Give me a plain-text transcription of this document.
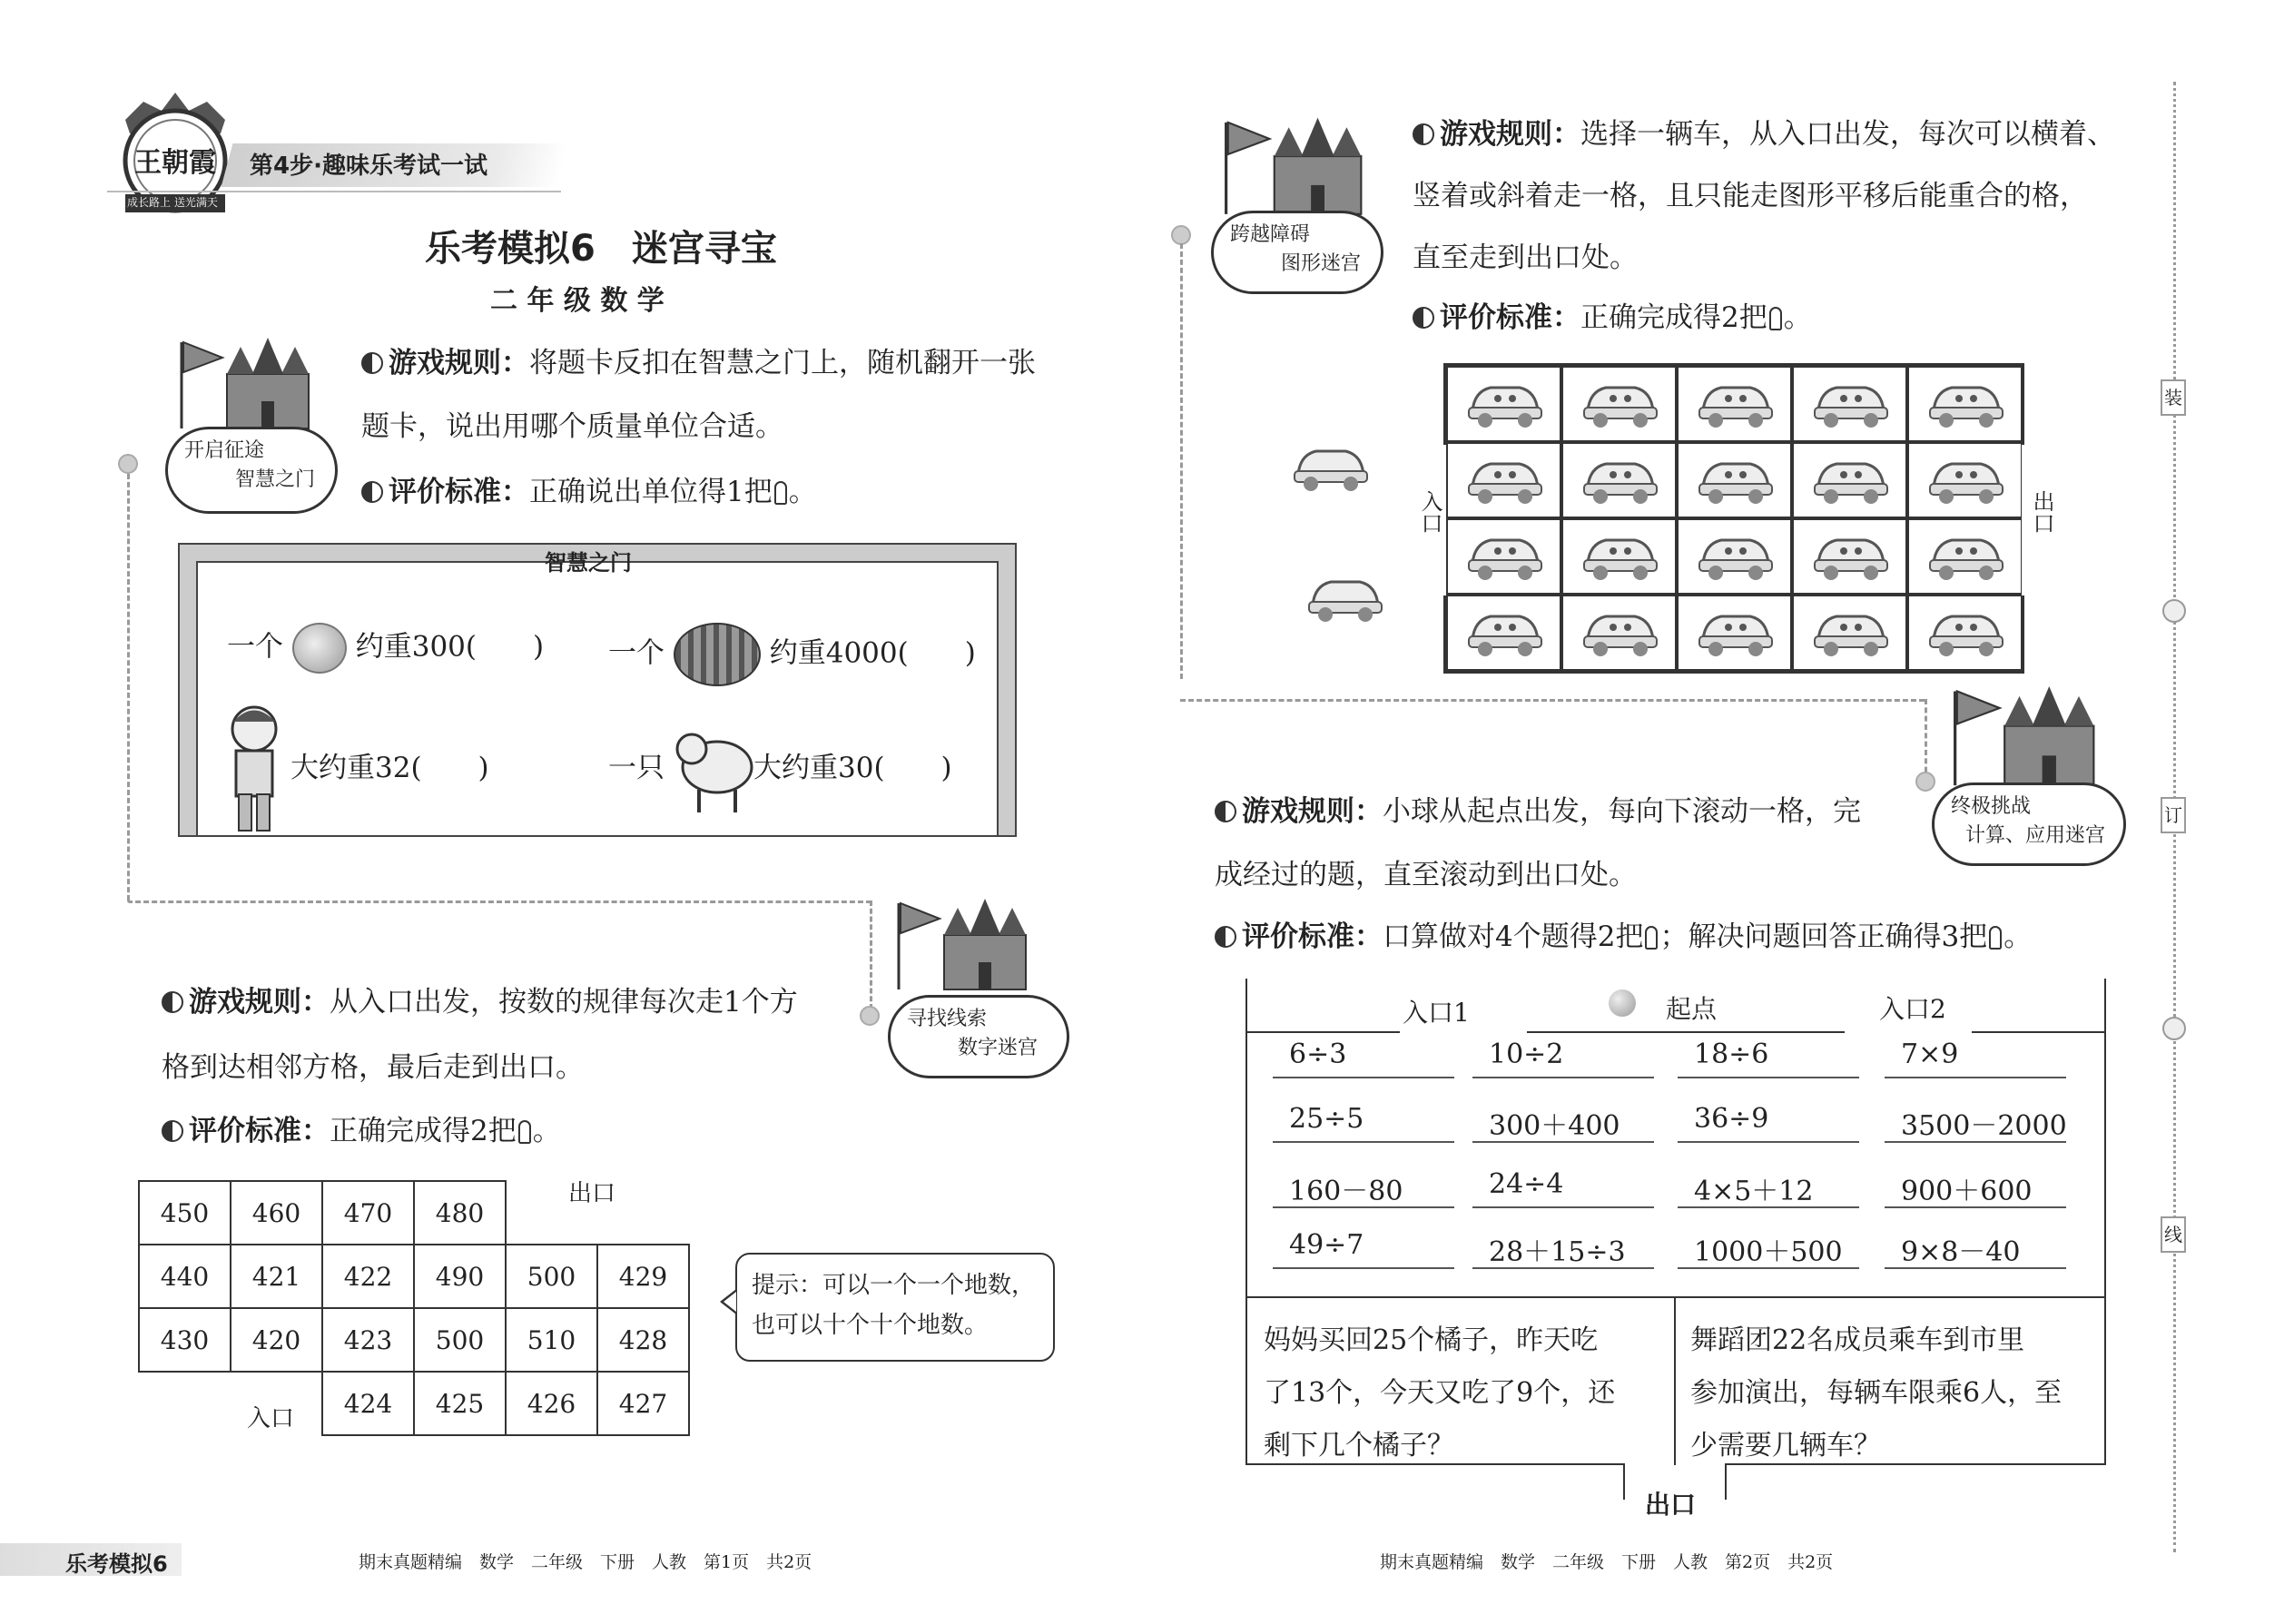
王朝霞
成长路上 送光满天
第4步·趣味乐考试一试
乐考模拟6　迷宫寻宝
二 年 级 数 学
开启征途
智慧之门
游戏规则：将题卡反扣在智慧之门上，随机翻开一张
题卡，说出用哪个质量单位合适。
评价标准：正确说出单位得1把 。
智慧之门
一个	约重300(　　) 一个	约重4000(　　)
大约重32(　　)	一只	大约重30(　　)
寻找线索
数字迷宫
游戏规则：从入口出发，按数的规律每次走1个方
格到达相邻方格，最后走到出口。
评价标准：正确完成得2把 。
450	460	470	480
440	421	422	490	500	429
430	420	423	500	510	428
424	425	426	427
出口
入口
提示：可以一个一个地数，
也可以十个十个地数。
乐考模拟6	期末真题精编　数学　二年级　下册　人教　第1页　共2页
跨越障碍
图形迷宫
游戏规则：选择一辆车，从入口出发，每次可以横着、
竖着或斜着走一格，且只能走图形平移后能重合的格，
直至走到出口处。
评价标准：正确完成得2把 。
入口	出口
终极挑战
计算、应用迷宫
游戏规则：小球从起点出发，每向下滚动一格，完
成经过的题，直至滚动到出口处。
评价标准：口算做对4个题得2把 ；解决问题回答正确得3把 。
入口1	起点	入口2
6÷3	10÷2	18÷6	7×9
25÷5	300＋400	36÷9	3500－2000
160－80	24÷4	4×5＋12	900＋600
49÷7	28＋15÷3	1000＋500 9×8－40
妈妈买回25个橘子，昨天吃
了13个，今天又吃了9个，还
剩下几个橘子？
舞蹈团22名成员乘车到市里
参加演出，每辆车限乘6人，至
少需要几辆车？
出口
装
订
线
期末真题精编　数学　二年级　下册　人教　第2页　共2页
